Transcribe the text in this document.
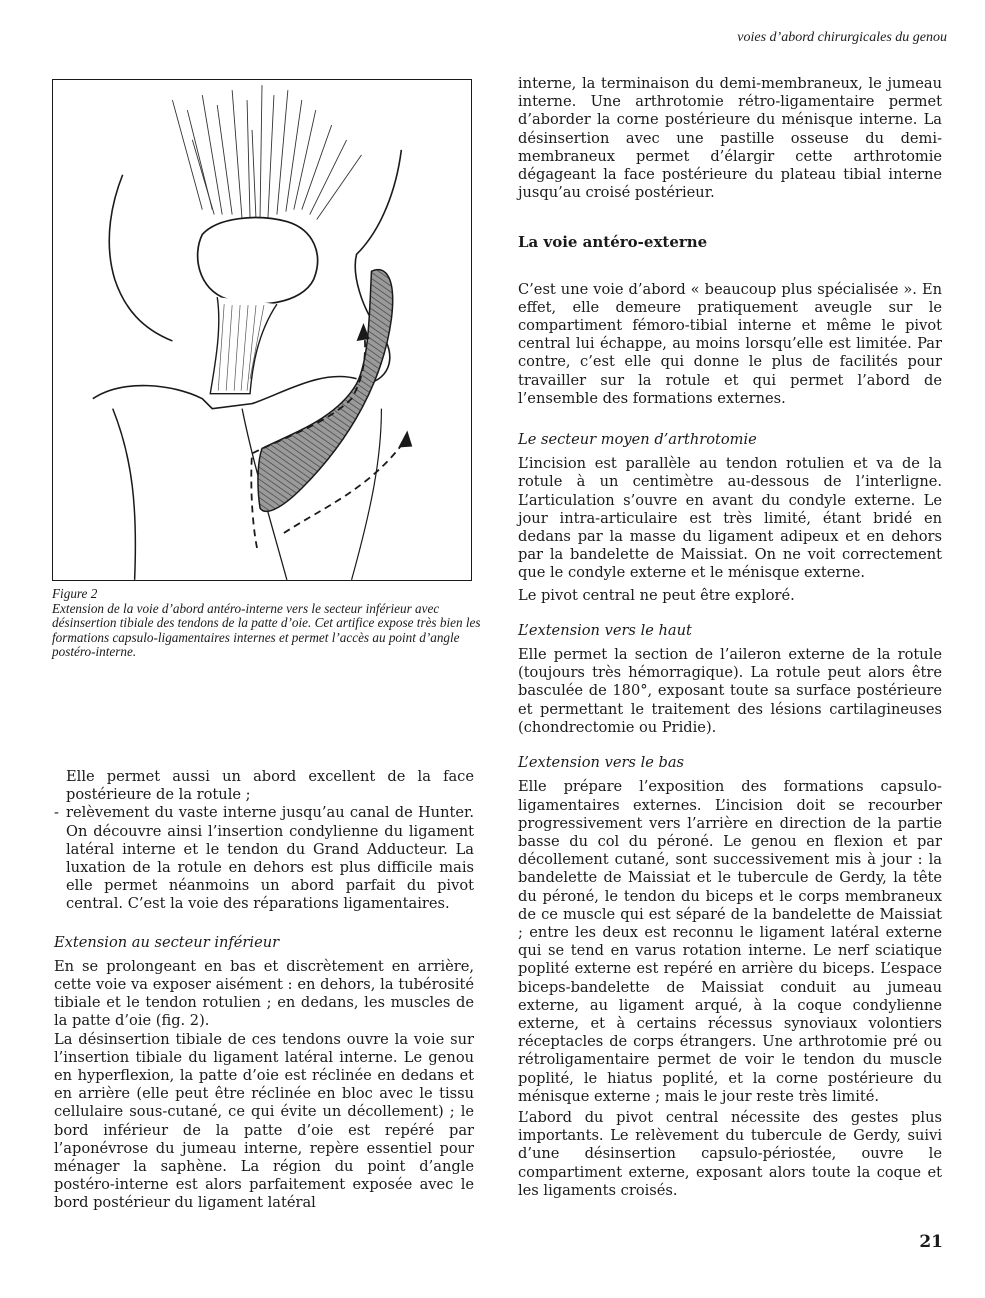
voies d’abord chirurgicales du genou
Figure 2
Extension de la voie d’abord antéro-interne vers le secteur inférieur avec désinsertion tibiale des tendons de la patte d’oie. Cet artifice expose très bien les formations capsulo-ligamentaires internes et permet l’accès au point d’angle postéro-interne.

Elle permet aussi un abord excellent de la face postérieure de la rotule ;

- relèvement du vaste interne jusqu’au canal de Hunter. On découvre ainsi l’insertion condylienne du ligament latéral interne et le tendon du Grand Adducteur. La luxation de la rotule en dehors est plus difficile mais elle permet néanmoins un abord parfait du pivot central. C’est la voie des réparations ligamentaires.

Extension au secteur inférieur

En se prolongeant en bas et discrètement en arrière, cette voie va exposer aisément : en dehors, la tubérosité tibiale et le tendon rotulien ; en dedans, les muscles de la patte d’oie (fig. 2).

La désinsertion tibiale de ces tendons ouvre la voie sur l’insertion tibiale du ligament latéral interne. Le genou en hyperflexion, la patte d’oie est réclinée en dedans et en arrière (elle peut être réclinée en bloc avec le tissu cellulaire sous-cutané, ce qui évite un décollement) ; le bord inférieur de la patte d’oie est repéré par l’aponévrose du jumeau interne, repère essentiel pour ménager la saphène. La région du point d’angle postéro-interne est alors parfaitement exposée avec le bord postérieur du ligament latéral

interne, la terminaison du demi-membraneux, le jumeau interne. Une arthrotomie rétro-ligamentaire permet d’aborder la corne postérieure du ménisque interne. La désinsertion avec une pastille osseuse du demi-membraneux permet d’élargir cette arthrotomie dégageant la face postérieure du plateau tibial interne jusqu’au croisé postérieur.

La voie antéro-externe

C’est une voie d’abord « beaucoup plus spécialisée ». En effet, elle demeure pratiquement aveugle sur le compartiment fémoro-tibial interne et même le pivot central lui échappe, au moins lorsqu’elle est limitée. Par contre, c’est elle qui donne le plus de facilités pour travailler sur la rotule et qui permet l’abord de l’ensemble des formations externes.

Le secteur moyen d’arthrotomie

L’incision est parallèle au tendon rotulien et va de la rotule à un centimètre au-dessous de l’interligne. L’articulation s’ouvre en avant du condyle externe. Le jour intra-articulaire est très limité, étant bridé en dedans par la masse du ligament adipeux et en dehors par la bandelette de Maissiat. On ne voit correctement que le condyle externe et le ménisque externe.

Le pivot central ne peut être exploré.

L’extension vers le haut

Elle permet la section de l’aileron externe de la rotule (toujours très hémorragique). La rotule peut alors être basculée de 180°, exposant toute sa surface postérieure et permettant le traitement des lésions cartilagineuses (chondrectomie ou Pridie).

L’extension vers le bas

Elle prépare l’exposition des formations capsulo-ligamentaires externes. L’incision doit se recourber progressivement vers l’arrière en direction de la partie basse du col du péroné. Le genou en flexion et par décollement cutané, sont successivement mis à jour : la bandelette de Maissiat et le tubercule de Gerdy, la tête du péroné, le tendon du biceps et le corps membraneux de ce muscle qui est séparé de la bandelette de Maissiat ; entre les deux est reconnu le ligament latéral externe qui se tend en varus rotation interne. Le nerf sciatique poplité externe est repéré en arrière du biceps. L’espace biceps-bandelette de Maissiat conduit au jumeau externe, au ligament arqué, à la coque condylienne externe, et à certains récessus synoviaux volontiers réceptacles de corps étrangers. Une arthrotomie pré ou rétroligamentaire permet de voir le tendon du muscle poplité, le hiatus poplité, et la corne postérieure du ménisque externe ; mais le jour reste très limité.

L’abord du pivot central nécessite des gestes plus importants. Le relèvement du tubercule de Gerdy, suivi d’une désinsertion capsulo-périostée, ouvre le compartiment externe, exposant alors toute la coque et les ligaments croisés.

21
